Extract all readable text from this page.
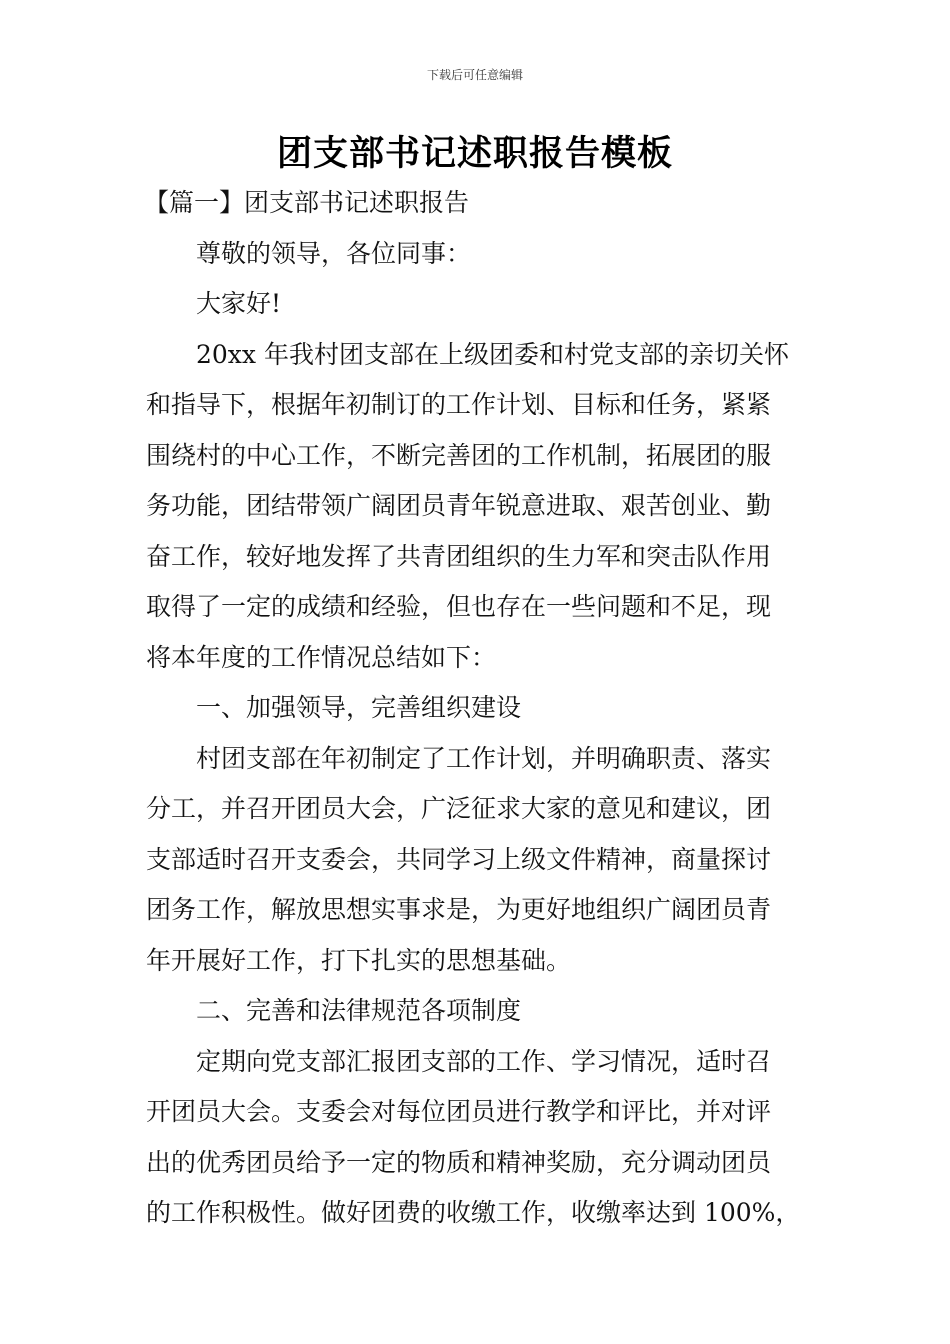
下载后可任意编辑
团支部书记述职报告模板
【篇一】团支部书记述职报告
尊敬的领导，各位同事：
大家好!
20xx 年我村团支部在上级团委和村党支部的亲切关怀
和指导下，根据年初制订的工作计划、目标和任务，紧紧
围绕村的中心工作，不断完善团的工作机制，拓展团的服
务功能，团结带领广阔团员青年锐意进取、艰苦创业、勤
奋工作，较好地发挥了共青团组织的生力军和突击队作用
取得了一定的成绩和经验，但也存在一些问题和不足，现
将本年度的工作情况总结如下：
一、加强领导，完善组织建设
村团支部在年初制定了工作计划，并明确职责、落实
分工，并召开团员大会，广泛征求大家的意见和建议，团
支部适时召开支委会，共同学习上级文件精神，商量探讨
团务工作，解放思想实事求是，为更好地组织广阔团员青
年开展好工作，打下扎实的思想基础。
二、完善和法律规范各项制度
定期向党支部汇报团支部的工作、学习情况，适时召
开团员大会。支委会对每位团员进行教学和评比，并对评
出的优秀团员给予一定的物质和精神奖励，充分调动团员
的工作积极性。做好团费的收缴工作，收缴率达到 100%，
